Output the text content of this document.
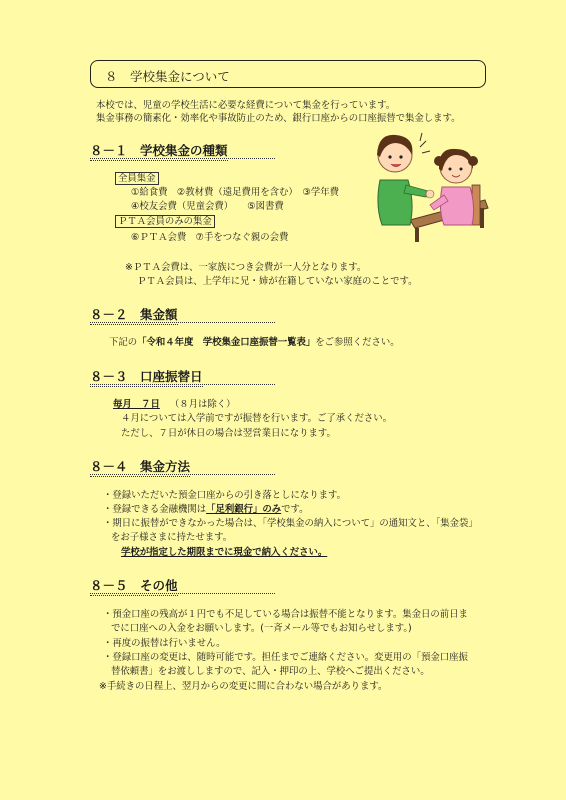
８　学校集金について
本校では、児童の学校生活に必要な経費について集金を行っています。
集金事務の簡素化・効率化や事故防止のため、銀行口座からの口座振替で集金します。
８－１　学校集金の種類
全員集金
①給食費　②教材費（遠足費用を含む）　③学年費
④校友会費（児童会費）　　⑤図書費
ＰＴＡ会員のみの集金
⑥ＰＴＡ会費　⑦手をつなぐ親の会費
※ＰＴＡ会費は、一家族につき会費が一人分となります。
ＰＴＡ会員は、上学年に兄・姉が在籍していない家庭のことです。
８－２　集金額
下記の「令和４年度　学校集金口座振替一覧表」をご参照ください。
８－３　口座振替日
毎月　７日 （８月は除く）
４月については入学前ですが振替を行います。ご了承ください。
ただし、７日が休日の場合は翌営業日になります。
８－４　集金方法
・登録いただいた預金口座からの引き落としになります。
・登録できる金融機関は「足利銀行」のみです。
・期日に振替ができなかった場合は、「学校集金の納入について」の通知文と、「集金袋」
をお子様さまに持たせます。
学校が指定した期限までに現金で納入ください。
８－５　その他
・預金口座の残高が１円でも不足している場合は振替不能となります。集金日の前日ま
でに口座への入金をお願いします。(一斉メール等でもお知らせします。)
・再度の振替は行いません。
・登録口座の変更は、随時可能です。担任までご連絡ください。変更用の「預金口座振
替依頼書」をお渡ししますので、記入・押印の上、学校へご提出ください。
※手続きの日程上、翌月からの変更に間に合わない場合があります。
